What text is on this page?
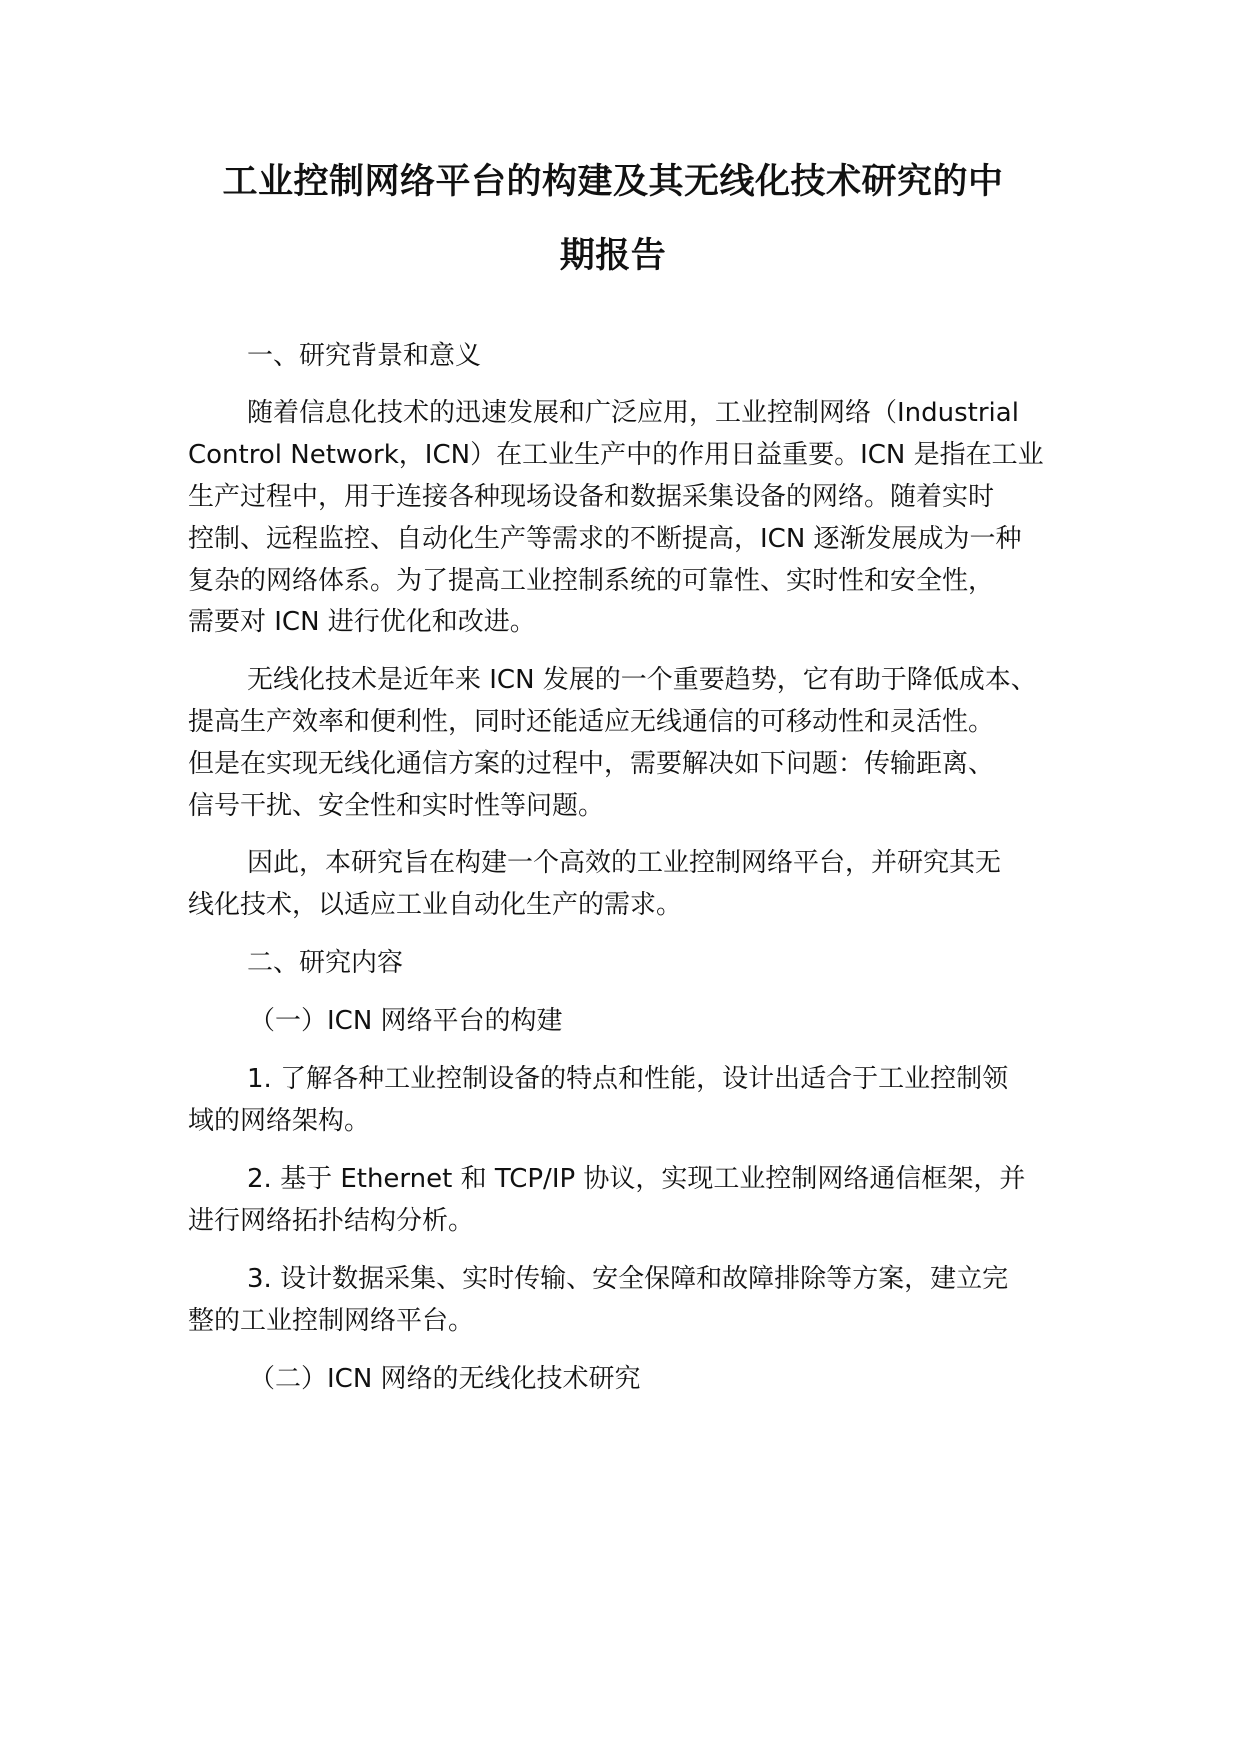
工业控制网络平台的构建及其无线化技术研究的中
期报告
一、研究背景和意义
随着信息化技术的迅速发展和广泛应用，工业控制网络（Industrial
Control Network，ICN）在工业生产中的作用日益重要。ICN 是指在工业
生产过程中，用于连接各种现场设备和数据采集设备的网络。随着实时
控制、远程监控、自动化生产等需求的不断提高，ICN 逐渐发展成为一种
复杂的网络体系。为了提高工业控制系统的可靠性、实时性和安全性，
需要对 ICN 进行优化和改进。
无线化技术是近年来 ICN 发展的一个重要趋势，它有助于降低成本、
提高生产效率和便利性，同时还能适应无线通信的可移动性和灵活性。
但是在实现无线化通信方案的过程中，需要解决如下问题：传输距离、
信号干扰、安全性和实时性等问题。
因此，本研究旨在构建一个高效的工业控制网络平台，并研究其无
线化技术，以适应工业自动化生产的需求。
二、研究内容
（一）ICN 网络平台的构建
1. 了解各种工业控制设备的特点和性能，设计出适合于工业控制领
域的网络架构。
2. 基于 Ethernet 和 TCP/IP 协议，实现工业控制网络通信框架，并
进行网络拓扑结构分析。
3. 设计数据采集、实时传输、安全保障和故障排除等方案，建立完
整的工业控制网络平台。
（二）ICN 网络的无线化技术研究
